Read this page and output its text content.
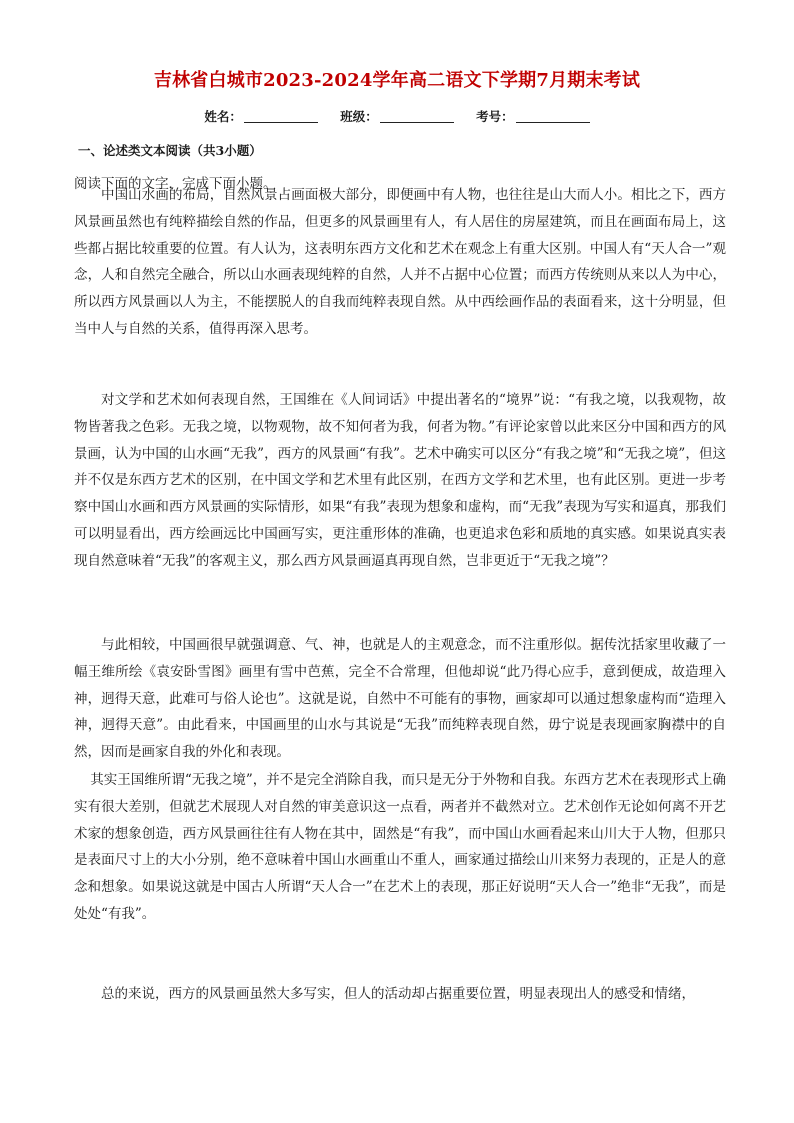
吉林省白城市2023-2024学年高二语文下学期7月期末考试
姓名：	班级：	考号：
一、论述类文本阅读（共3小题）
阅读下面的文字，完成下面小题。

中国山水画的布局，自然风景占画面极大部分，即便画中有人物，也往往是山大而人小。相比之下，西方风景画虽然也有纯粹描绘自然的作品，但更多的风景画里有人，有人居住的房屋建筑，而且在画面布局上，这些都占据比较重要的位置。有人认为，这表明东西方文化和艺术在观念上有重大区别。中国人有“天人合一”观念，人和自然完全融合，所以山水画表现纯粹的自然，人并不占据中心位置；而西方传统则从来以人为中心，所以西方风景画以人为主，不能摆脱人的自我而纯粹表现自然。从中西绘画作品的表面看来，这十分明显，但当中人与自然的关系，值得再深入思考。

对文学和艺术如何表现自然，王国维在《人间词话》中提出著名的“境界”说：“有我之境，以我观物，故物皆著我之色彩。无我之境，以物观物，故不知何者为我，何者为物。”有评论家曾以此来区分中国和西方的风景画，认为中国的山水画“无我”，西方的风景画“有我”。艺术中确实可以区分“有我之境”和“无我之境”，但这并不仅是东西方艺术的区别，在中国文学和艺术里有此区别，在西方文学和艺术里，也有此区别。更进一步考察中国山水画和西方风景画的实际情形，如果“有我”表现为想象和虚构，而“无我”表现为写实和逼真，那我们可以明显看出，西方绘画远比中国画写实，更注重形体的准确，也更追求色彩和质地的真实感。如果说真实表现自然意味着“无我”的客观主义，那么西方风景画逼真再现自然，岂非更近于“无我之境”？

与此相较，中国画很早就强调意、气、神，也就是人的主观意念，而不注重形似。据传沈括家里收藏了一幅王维所绘《袁安卧雪图》画里有雪中芭蕉，完全不合常理，但他却说“此乃得心应手，意到便成，故造理入神，迥得天意，此难可与俗人论也”。这就是说，自然中不可能有的事物，画家却可以通过想象虚构而“造理入神，迥得天意”。由此看来，中国画里的山水与其说是“无我”而纯粹表现自然，毋宁说是表现画家胸襟中的自然，因而是画家自我的外化和表现。

其实王国维所谓“无我之境”，并不是完全消除自我，而只是无分于外物和自我。东西方艺术在表现形式上确实有很大差别，但就艺术展现人对自然的审美意识这一点看，两者并不截然对立。艺术创作无论如何离不开艺术家的想象创造，西方风景画往往有人物在其中，固然是“有我”，而中国山水画看起来山川大于人物，但那只是表面尺寸上的大小分别，绝不意味着中国山水画重山不重人，画家通过描绘山川来努力表现的，正是人的意念和想象。如果说这就是中国古人所谓“天人合一”在艺术上的表现，那正好说明“天人合一”绝非“无我”，而是处处“有我”。

总的来说，西方的风景画虽然大多写实，但人的活动却占据重要位置，明显表现出人的感受和情绪，
